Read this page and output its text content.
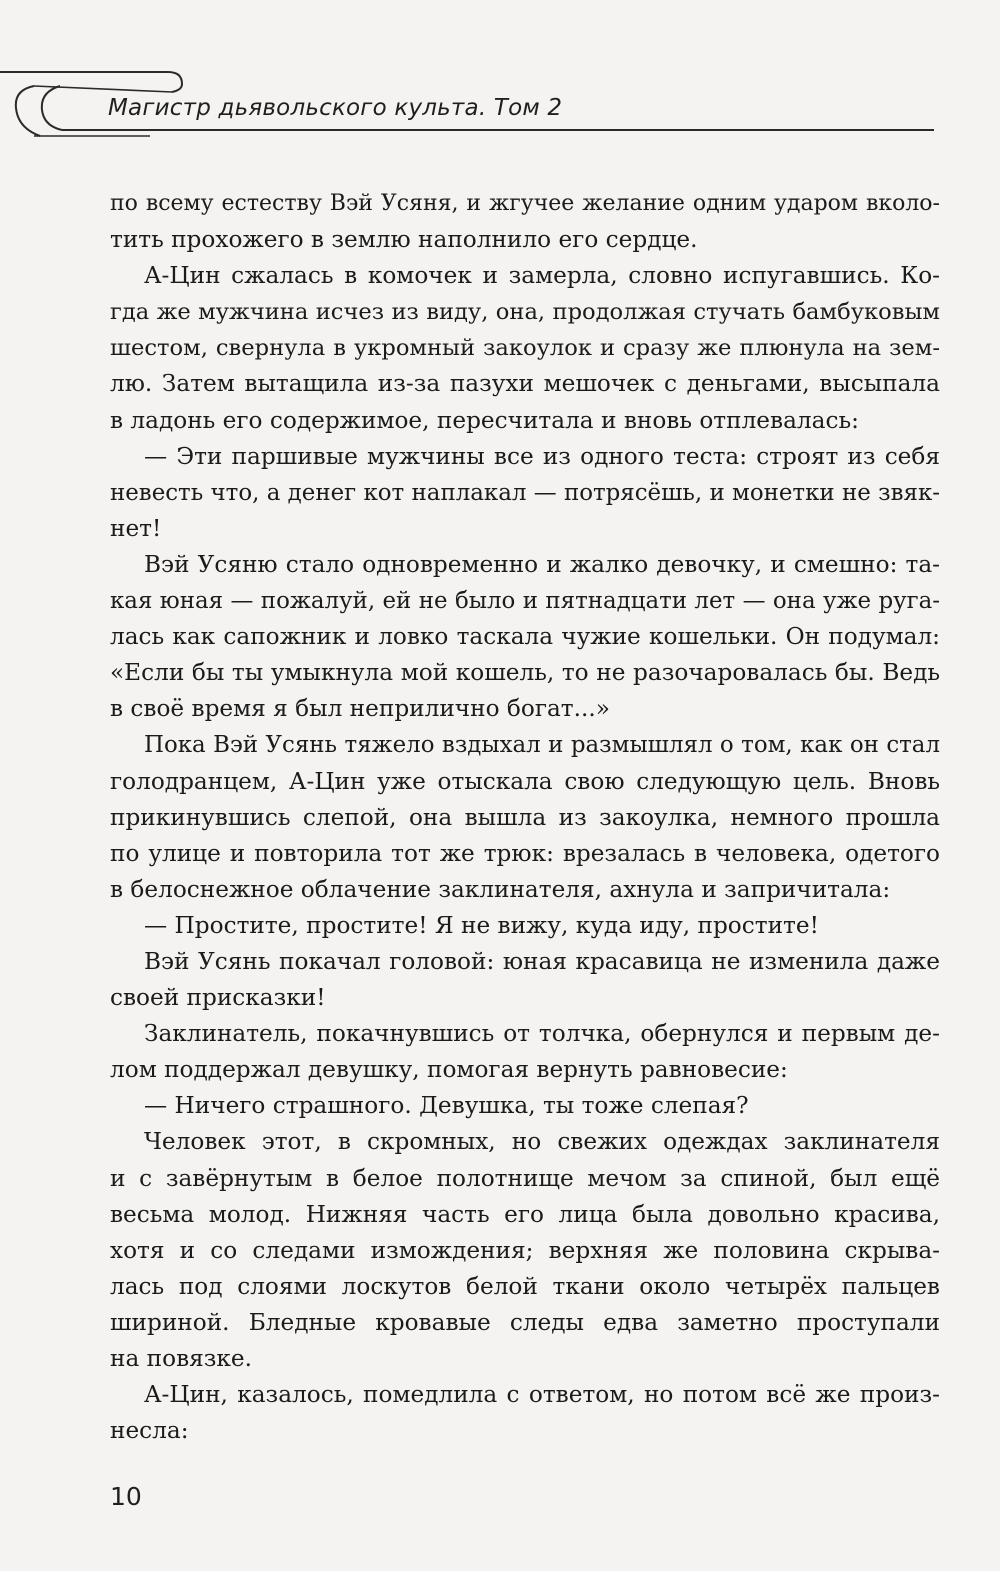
Магистр дьявольского культа. Том 2
по всему естеству Вэй Усяня, и жгучее желание одним ударом вколо-
тить прохожего в землю наполнило его сердце.
А-Цин сжалась в комочек и замерла, словно испугавшись. Ко-
гда же мужчина исчез из виду, она, продолжая стучать бамбуковым
шестом, свернула в укромный закоулок и сразу же плюнула на зем-
лю. Затем вытащила из-за пазухи мешочек с деньгами, высыпала
в ладонь его содержимое, пересчитала и вновь отплевалась:
— Эти паршивые мужчины все из одного теста: строят из себя
невесть что, а денег кот наплакал — потрясёшь, и монетки не звяк-
нет!
Вэй Усяню стало одновременно и жалко девочку, и смешно: та-
кая юная — пожалуй, ей не было и пятнадцати лет — она уже руга-
лась как сапожник и ловко таскала чужие кошельки. Он подумал:
«Если бы ты умыкнула мой кошель, то не разочаровалась бы. Ведь
в своё время я был неприлично богат...»
Пока Вэй Усянь тяжело вздыхал и размышлял о том, как он стал
голодранцем, А-Цин уже отыскала свою следующую цель. Вновь
прикинувшись слепой, она вышла из закоулка, немного прошла
по улице и повторила тот же трюк: врезалась в человека, одетого
в белоснежное облачение заклинателя, ахнула и запричитала:
— Простите, простите! Я не вижу, куда иду, простите!
Вэй Усянь покачал головой: юная красавица не изменила даже
своей присказки!
Заклинатель, покачнувшись от толчка, обернулся и первым де-
лом поддержал девушку, помогая вернуть равновесие:
— Ничего страшного. Девушка, ты тоже слепая?
Человек этот, в скромных, но свежих одеждах заклинателя
и с завёрнутым в белое полотнище мечом за спиной, был ещё
весьма молод. Нижняя часть его лица была довольно красива,
хотя и со следами измождения; верхняя же половина скрыва-
лась под слоями лоскутов белой ткани около четырёх пальцев
шириной. Бледные кровавые следы едва заметно проступали
на повязке.
А-Цин, казалось, помедлила с ответом, но потом всё же произ-
несла:
10
